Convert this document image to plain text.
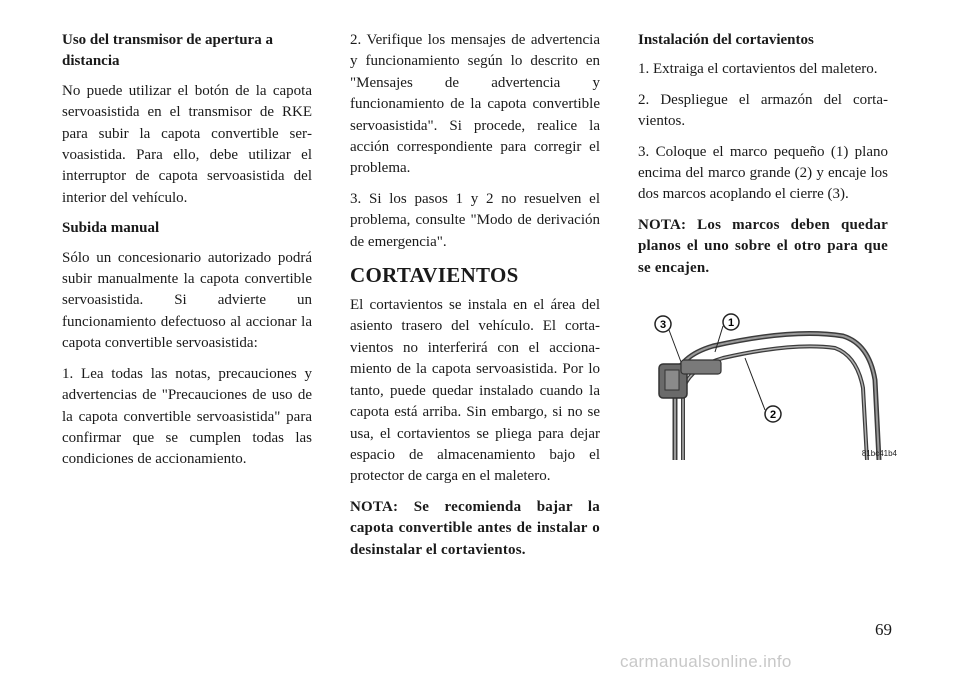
Uso del transmisor de apertura a distancia

No puede utilizar el botón de la capota servoasistida en el transmisor de RKE para subir la capota convertible servoasistida. Para ello, debe utilizar el interruptor de capota servoasistida del interior del vehículo.

Subida manual

Sólo un concesionario autorizado podrá subir manualmente la capota convertible servoasistida. Si advierte un funcionamiento defectuoso al accionar la capota convertible servoasistida:

1. Lea todas las notas, precauciones y advertencias de "Precauciones de uso de la capota convertible servoasistida" para confirmar que se cumplen todas las condiciones de accionamiento.

2. Verifique los mensajes de advertencia y funcionamiento según lo descrito en "Mensajes de advertencia y funcionamiento de la capota convertible servoasistida". Si procede, realice la acción correspondiente para corregir el problema.

3. Si los pasos 1 y 2 no resuelven el problema, consulte "Modo de derivación de emergencia".

CORTAVIENTOS

El cortavientos se instala en el área del asiento trasero del vehículo. El cortavientos no interferirá con el accionamiento de la capota servoasistida. Por lo tanto, puede quedar instalado cuando la capota está arriba. Sin embargo, si no se usa, el cortavientos se pliega para dejar espacio de almacenamiento bajo el protector de carga en el maletero.

NOTA: Se recomienda bajar la capota convertible antes de instalar o desinstalar el cortavientos.

Instalación del cortavientos

1. Extraiga el cortavientos del maletero.

2. Despliegue el armazón del cortavientos.

3. Coloque el marco pequeño (1) plano encima del marco grande (2) y encaje los dos marcos acoplando el cierre (3).

NOTA: Los marcos deben quedar planos el uno sobre el otro para que se encajen.

3	1
2
81bc41b4
69
carmanualsonline.info
